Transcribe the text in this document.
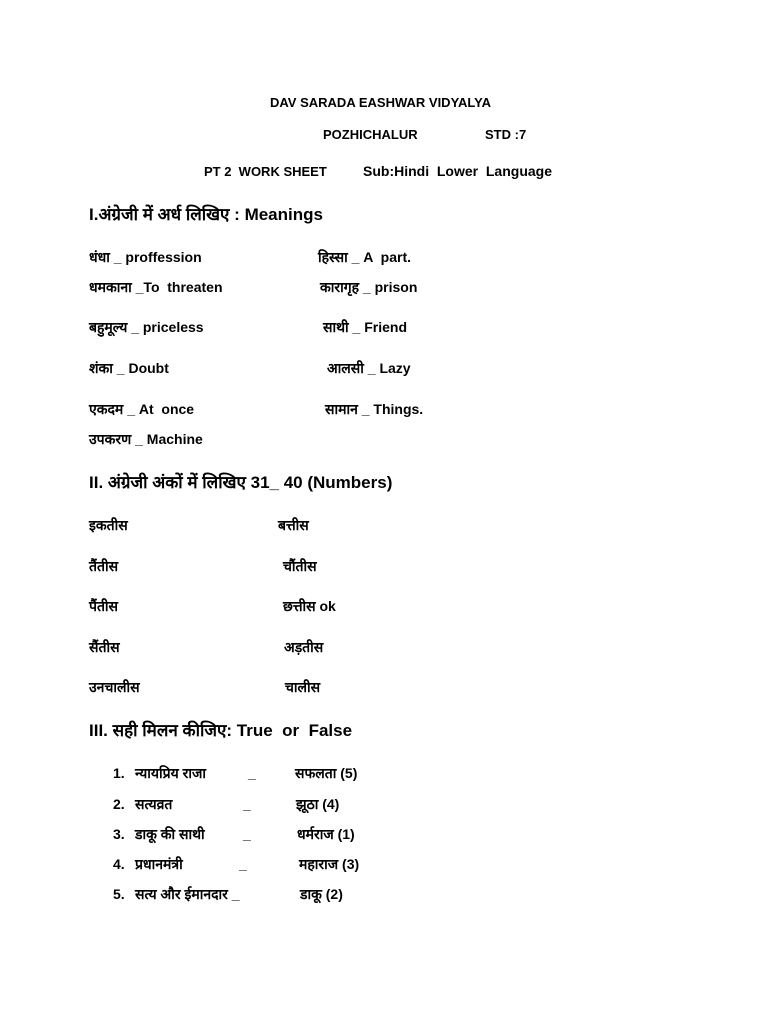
DAV SARADA EASHWAR VIDYALYA
POZHICHALUR	STD :7
PT 2  WORK SHEET	Sub:Hindi  Lower  Language
I.अंग्रेजी में अर्ध लिखिए : Meanings
धंधा _ proffession	हिस्सा _ A  part.
धमकाना _To  threaten	कारागृह _ prison
बहुमूल्य _ priceless	साथी _ Friend
शंका _ Doubt	आलसी _ Lazy
एकदम _ At  once	सामान _ Things.
उपकरण _ Machine
II. अंग्रेजी अंकों में लिखिए 31_ 40 (Numbers)
इकतीस	बत्तीस
तैंतीस	चौंतीस
पैंतीस	छत्तीस ok
सैंतीस	अड़तीस
उनचालीस	चालीस
III. सही मिलन कीजिए: True  or  False
1. न्यायप्रिय राजा	_	सफलता (5)
2. सत्यव्रत	_	झूठा (4)
3. डाकू की साथी	_	धर्मराज (1)
4. प्रधानमंत्री	_	महाराज (3)
5. सत्य और ईमानदार _	डाकू (2)
